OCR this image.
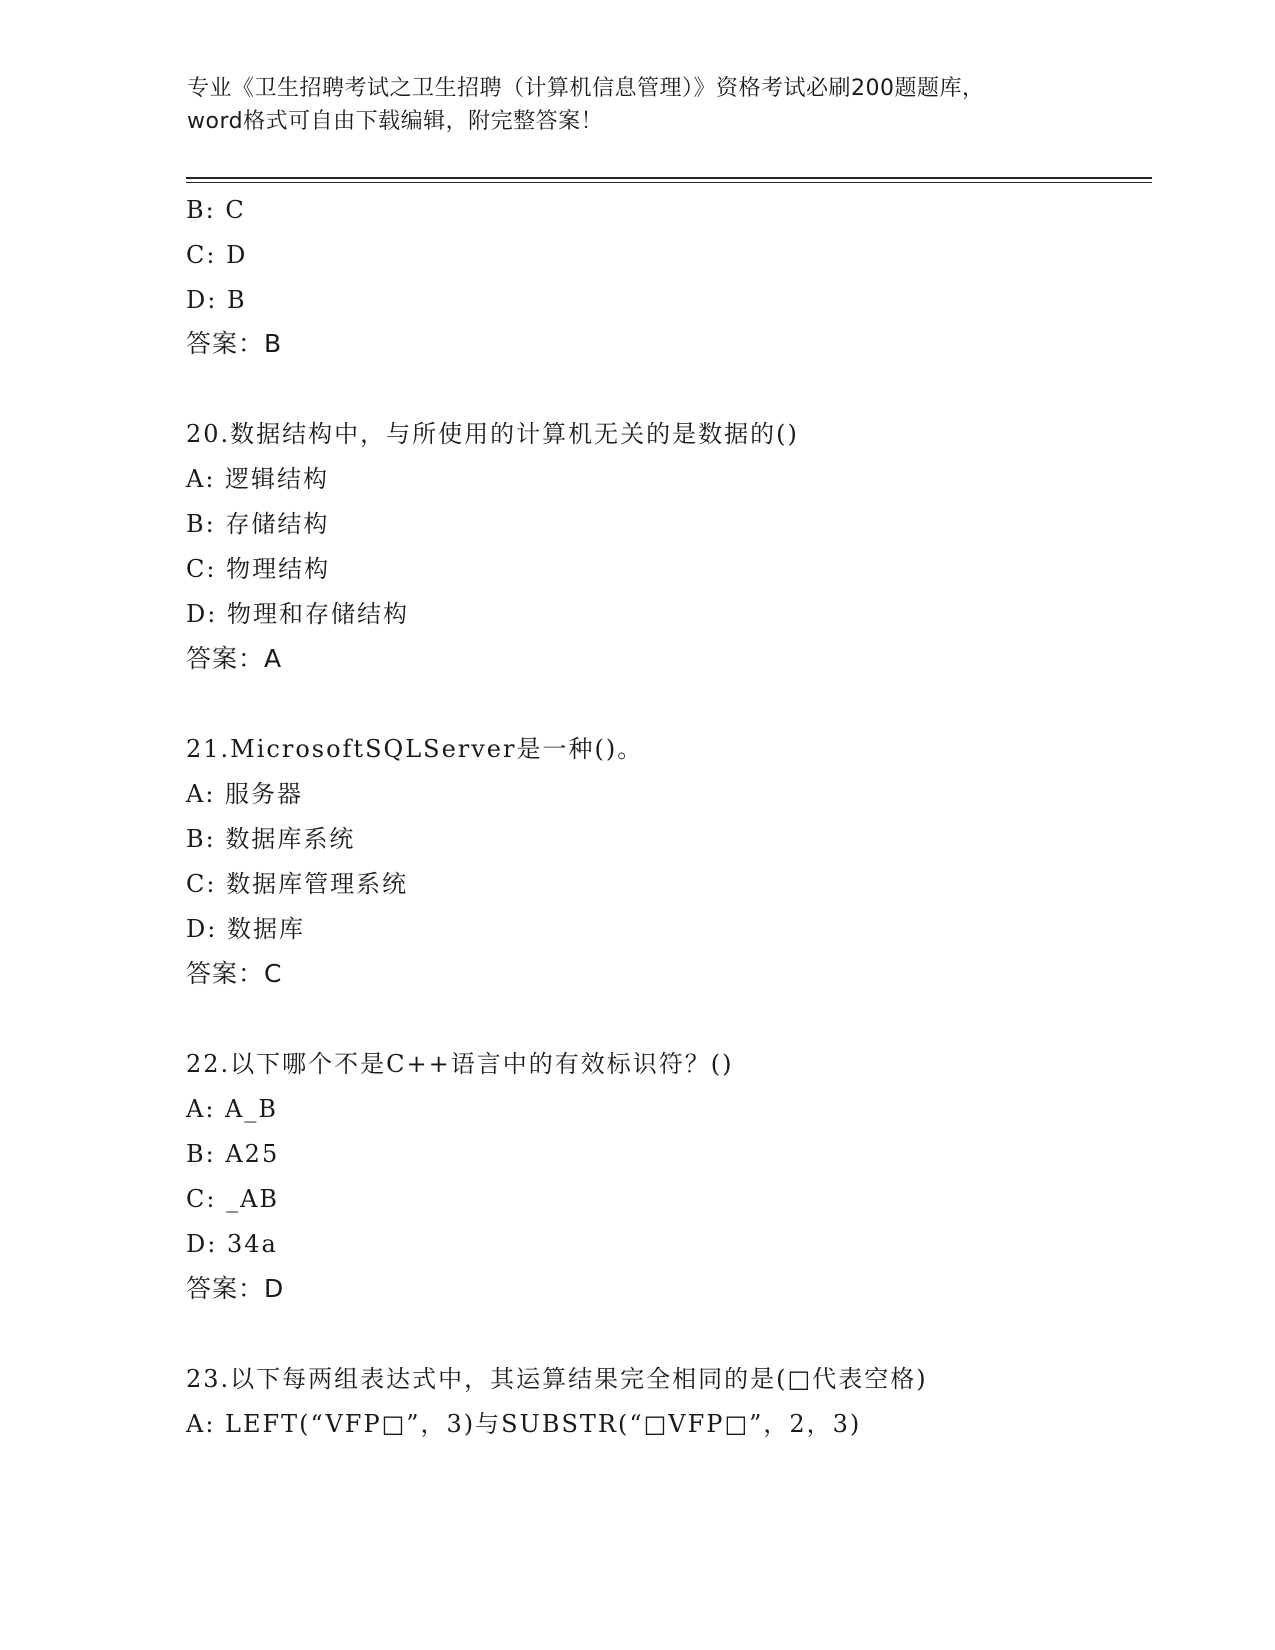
专业《卫生招聘考试之卫生招聘（计算机信息管理）》资格考试必刷200题题库，
word格式可自由下载编辑，附完整答案！
B: C
C: D
D: B
答案：B
20.数据结构中，与所使用的计算机无关的是数据的()
A: 逻辑结构
B: 存储结构
C: 物理结构
D: 物理和存储结构
答案：A
21.MicrosoftSQLServer是一种()。
A: 服务器
B: 数据库系统
C: 数据库管理系统
D: 数据库
答案：C
22.以下哪个不是C++语言中的有效标识符？()
A: A_B
B: A25
C: _AB
D: 34a
答案：D
23.以下每两组表达式中，其运算结果完全相同的是(□代表空格)
A: LEFT(“VFP□”，3)与SUBSTR(“□VFP□”，2，3)
